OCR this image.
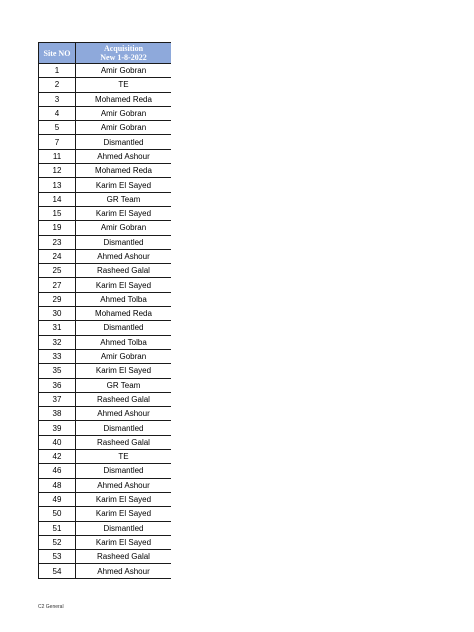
Site NO	Acquisition
New 1-8-2022

1	Amir Gobran
2	TE
3	Mohamed Reda
4	Amir Gobran
5	Amir Gobran
7	Dismantled
11	Ahmed Ashour
12	Mohamed Reda
13	Karim El Sayed
14	GR Team
15	Karim El Sayed
19	Amir Gobran
23	Dismantled
24	Ahmed Ashour
25	Rasheed Galal
27	Karim El Sayed
29	Ahmed Tolba
30	Mohamed Reda
31	Dismantled
32	Ahmed Tolba
33	Amir Gobran
35	Karim El Sayed
36	GR Team
37	Rasheed Galal
38	Ahmed Ashour
39	Dismantled
40	Rasheed Galal
42	TE
46	Dismantled
48	Ahmed Ashour
49	Karim El Sayed
50	Karim El Sayed
51	Dismantled
52	Karim El Sayed
53	Rasheed Galal
54	Ahmed Ashour
C2 General
